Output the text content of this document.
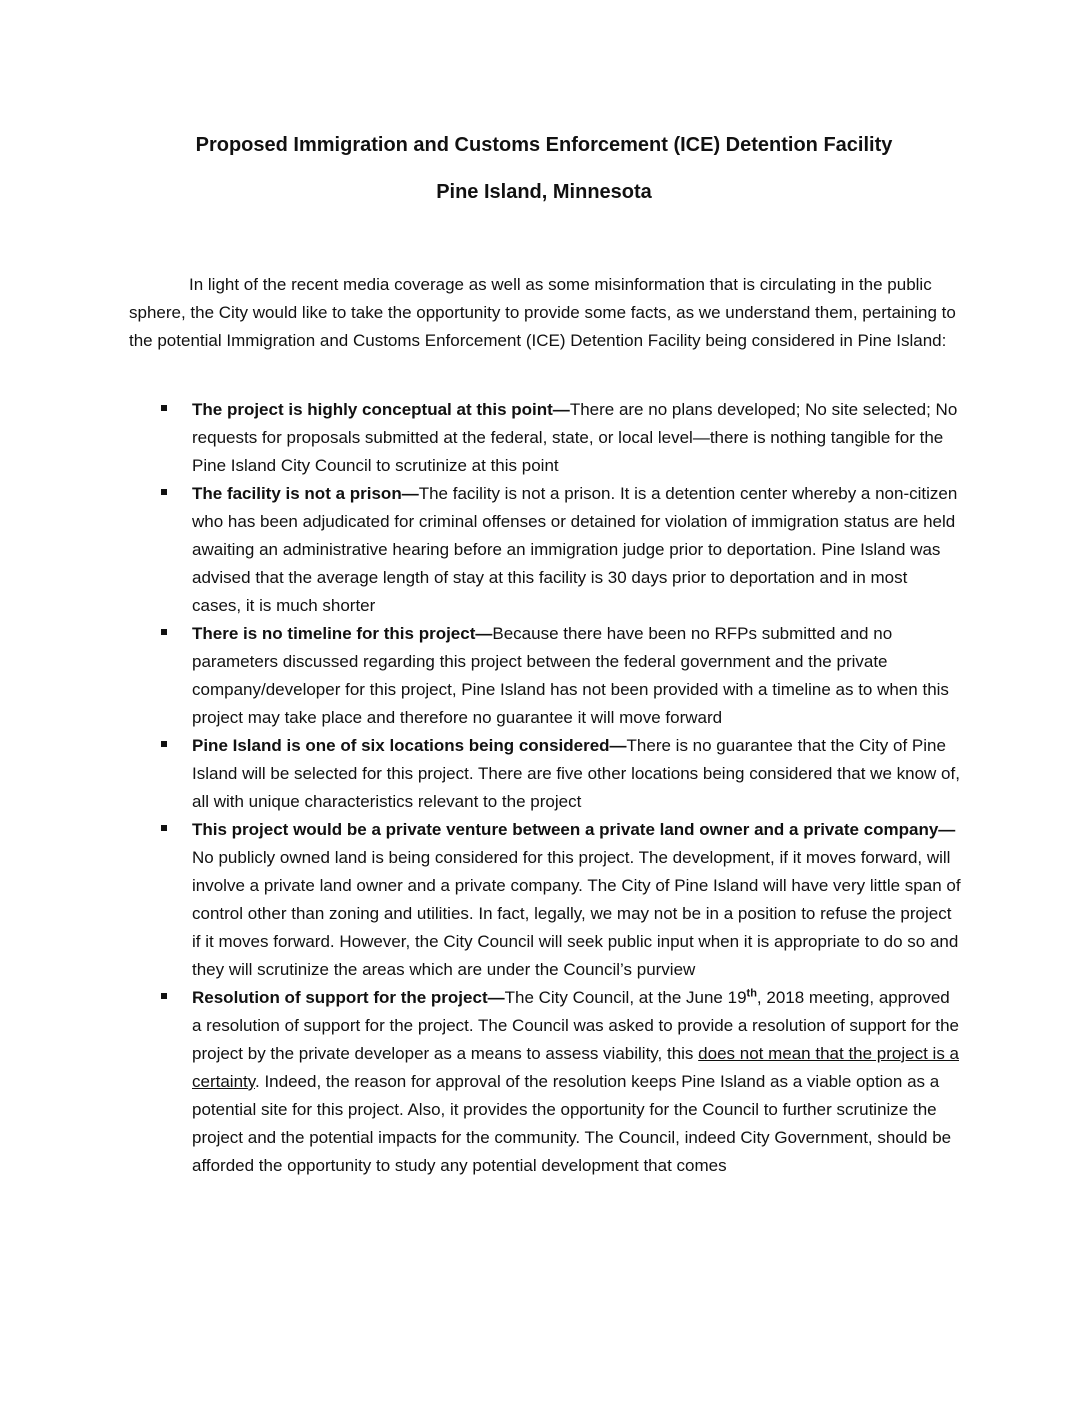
Proposed Immigration and Customs Enforcement (ICE) Detention Facility
Pine Island, Minnesota

In light of the recent media coverage as well as some misinformation that is circulating in the public sphere, the City would like to take the opportunity to provide some facts, as we understand them, pertaining to the potential Immigration and Customs Enforcement (ICE) Detention Facility being considered in Pine Island:

The project is highly conceptual at this point—There are no plans developed; No site selected; No requests for proposals submitted at the federal, state, or local level—there is nothing tangible for the Pine Island City Council to scrutinize at this point
The facility is not a prison—The facility is not a prison. It is a detention center whereby a non-citizen who has been adjudicated for criminal offenses or detained for violation of immigration status are held awaiting an administrative hearing before an immigration judge prior to deportation. Pine Island was advised that the average length of stay at this facility is 30 days prior to deportation and in most cases, it is much shorter
There is no timeline for this project—Because there have been no RFPs submitted and no parameters discussed regarding this project between the federal government and the private company/developer for this project, Pine Island has not been provided with a timeline as to when this project may take place and therefore no guarantee it will move forward
Pine Island is one of six locations being considered—There is no guarantee that the City of Pine Island will be selected for this project. There are five other locations being considered that we know of, all with unique characteristics relevant to the project
This project would be a private venture between a private land owner and a private company—No publicly owned land is being considered for this project. The development, if it moves forward, will involve a private land owner and a private company. The City of Pine Island will have very little span of control other than zoning and utilities. In fact, legally, we may not be in a position to refuse the project if it moves forward. However, the City Council will seek public input when it is appropriate to do so and they will scrutinize the areas which are under the Council’s purview
Resolution of support for the project—The City Council, at the June 19th, 2018 meeting, approved a resolution of support for the project. The Council was asked to provide a resolution of support for the project by the private developer as a means to assess viability, this does not mean that the project is a certainty. Indeed, the reason for approval of the resolution keeps Pine Island as a viable option as a potential site for this project. Also, it provides the opportunity for the Council to further scrutinize the project and the potential impacts for the community. The Council, indeed City Government, should be afforded the opportunity to study any potential development that comes
